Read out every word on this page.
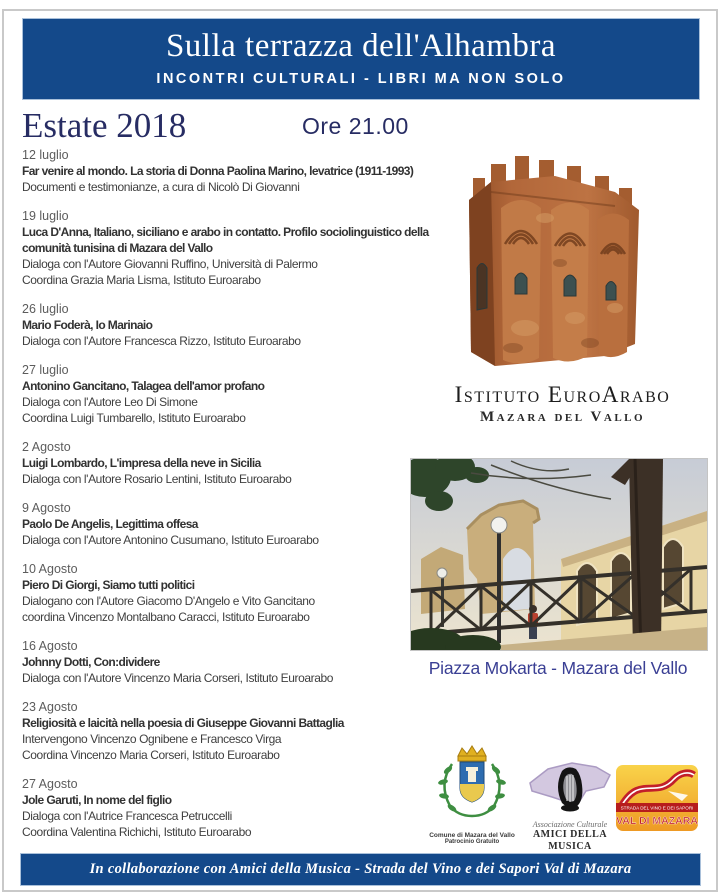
Sulla terrazza dell'Alhambra
INCONTRI CULTURALI - LIBRI MA NON SOLO
Estate 2018	Ore 21.00
12 luglio
Far venire al mondo. La storia di Donna Paolina Marino, levatrice (1911-1993)
Documenti e testimonianze, a cura di Nicolò Di Giovanni
19 luglio
Luca D'Anna, Italiano, siciliano e arabo in contatto. Profilo sociolinguistico della comunità tunisina di Mazara del Vallo
Dialoga con l'Autore Giovanni Ruffino, Università di Palermo
Coordina Grazia Maria Lisma, Istituto Euroarabo
26 luglio
Mario Foderà, Io Marinaio
Dialoga con l'Autore Francesca Rizzo, Istituto Euroarabo
27 luglio
Antonino Gancitano, Talagea dell'amor profano
Dialoga con l'Autore Leo Di Simone
Coordina Luigi Tumbarello, Istituto Euroarabo
2 Agosto
Luigi Lombardo, L'impresa della neve in Sicilia
Dialoga con l'Autore Rosario Lentini, Istituto Euroarabo
9 Agosto
Paolo De Angelis, Legittima offesa
Dialoga con l'Autore Antonino Cusumano, Istituto Euroarabo
10 Agosto
Piero Di Giorgi, Siamo tutti politici
Dialogano con l'Autore Giacomo D'Angelo e Vito Gancitano
coordina Vincenzo Montalbano Caracci, Istituto Euroarabo
16 Agosto
Johnny Dotti, Con:dividere
Dialoga con l'Autore Vincenzo Maria Corseri, Istituto Euroarabo
23 Agosto
Religiosità e laicità nella poesia di Giuseppe Giovanni Battaglia
Intervengono Vincenzo Ognibene e Francesco Virga
Coordina Vincenzo Maria Corseri, Istituto Euroarabo
27 Agosto
Jole Garuti, In nome del figlio
Dialoga con l'Autrice Francesca Petruccelli
Coordina Valentina Richichi, Istituto Euroarabo
Istituto EuroArabo
Mazara del Vallo
Piazza Mokarta - Mazara del Vallo
Comune di Mazara del Vallo
Patrocinio Gratuito
Associazione Culturale
AMICI DELLA MUSICA
STRADA DEL VINO E DEI SAPORI
VAL DI MAZARA
In collaborazione con Amici della Musica - Strada del Vino e dei Sapori Val di Mazara
